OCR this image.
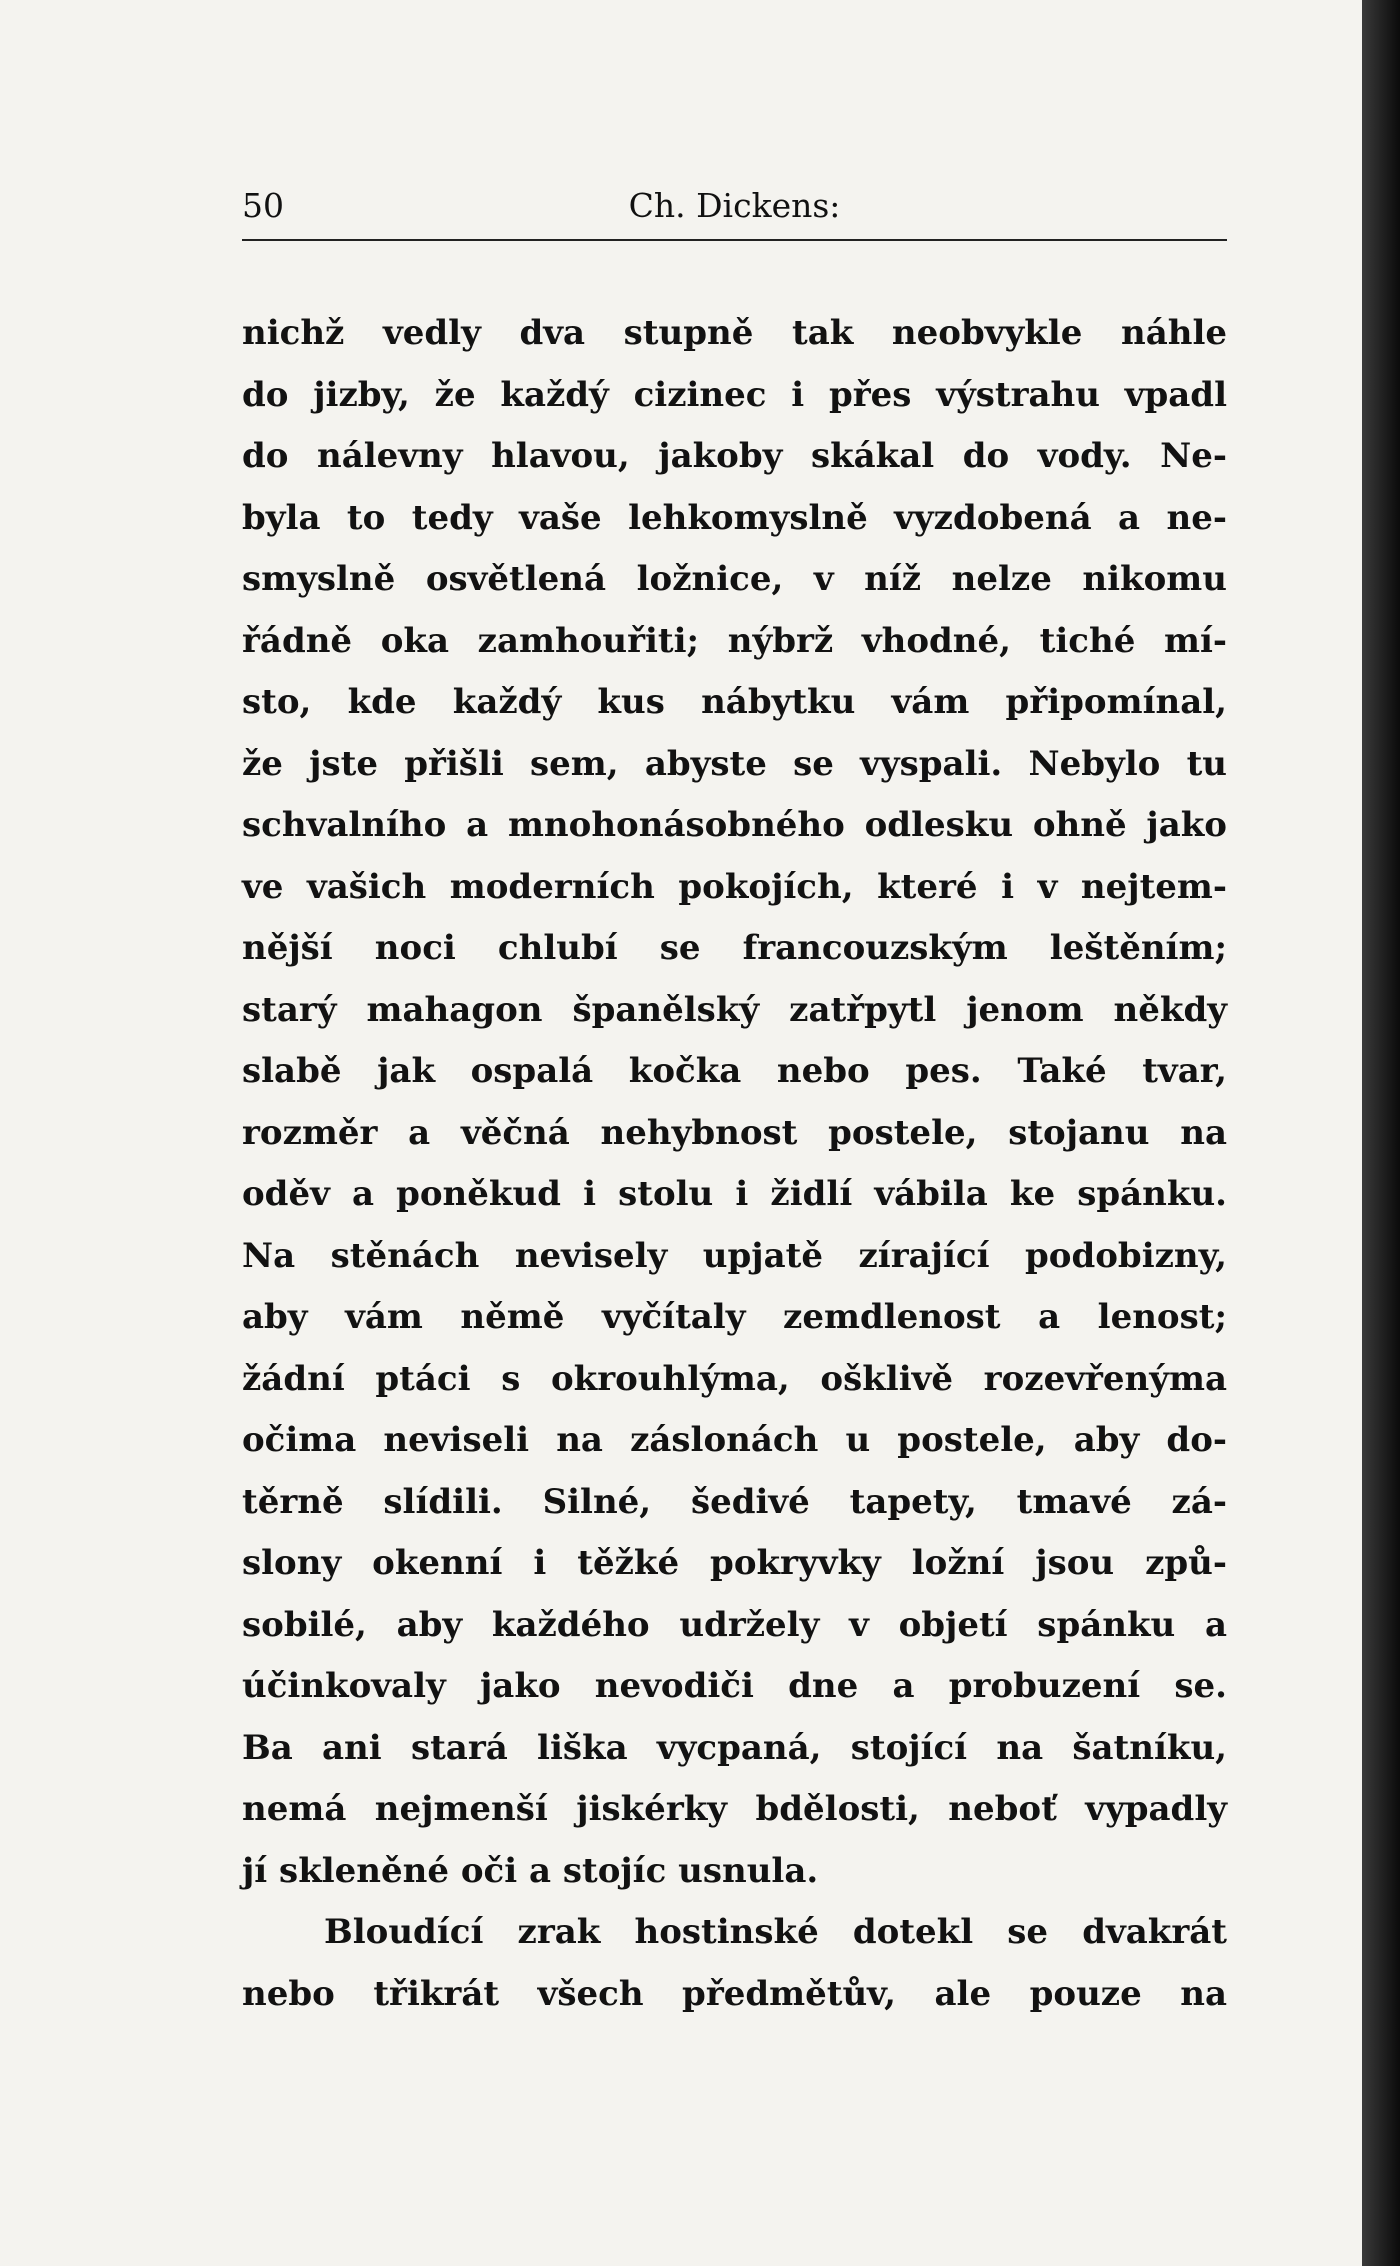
50	Ch. Dickens:
nichž vedly dva stupně tak neobvykle náhle
do jizby, že každý cizinec i přes výstrahu vpadl
do nálevny hlavou, jakoby skákal do vody. Ne-
byla to tedy vaše lehkomyslně vyzdobená a ne-
smyslně osvětlená ložnice, v níž nelze nikomu
řádně oka zamhouřiti; nýbrž vhodné, tiché mí-
sto, kde každý kus nábytku vám připomínal,
že jste přišli sem, abyste se vyspali. Nebylo tu
schvalního a mnohonásobného odlesku ohně jako
ve vašich moderních pokojích, které i v nejtem-
nější noci chlubí se francouzským leštěním;
starý mahagon španělský zatřpytl jenom někdy
slabě jak ospalá kočka nebo pes. Také tvar,
rozměr a věčná nehybnost postele, stojanu na
oděv a poněkud i stolu i židlí vábila ke spánku.
Na stěnách nevisely upjatě zírající podobizny,
aby vám němě vyčítaly zemdlenost a lenost;
žádní ptáci s okrouhlýma, ošklivě rozevřenýma
očima neviseli na záslonách u postele, aby do-
těrně slídili. Silné, šedivé tapety, tmavé zá-
slony okenní i těžké pokryvky ložní jsou způ-
sobilé, aby každého udržely v objetí spánku a
účinkovaly jako nevodiči dne a probuzení se.
Ba ani stará liška vycpaná, stojící na šatníku,
nemá nejmenší jiskérky bdělosti, neboť vypadly
jí skleněné oči a stojíc usnula.
Bloudící zrak hostinské dotekl se dvakrát
nebo třikrát všech předmětův, ale pouze na
